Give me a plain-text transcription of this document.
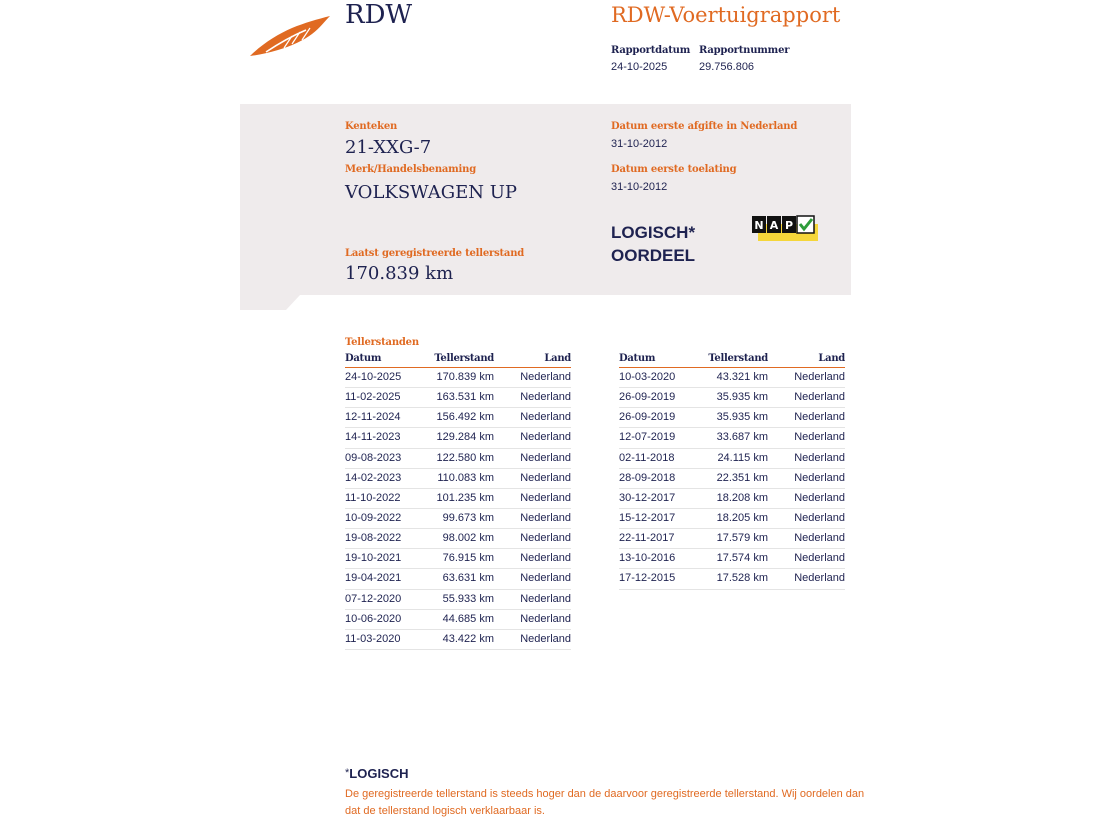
RDW	RDW-Voertuigrapport
Rapportdatum
24-10-2025
Rapportnummer
29.756.806
Kenteken
21-XXG-7
Merk/Handelsbenaming
VOLKSWAGEN UP
Laatst geregistreerde tellerstand
170.839 km
Datum eerste afgifte in Nederland
31-10-2012
Datum eerste toelating
31-10-2012
LOGISCH*
OORDEEL
N A P
Tellerstanden
Datum	Tellerstand	Land
24-10-2025	170.839 km Nederland
11-02-2025	163.531 km Nederland
12-11-2024	156.492 km Nederland
14-11-2023	129.284 km Nederland
09-08-2023	122.580 km Nederland
14-02-2023	110.083 km Nederland
11-10-2022	101.235 km Nederland
10-09-2022	99.673 km Nederland
19-08-2022	98.002 km Nederland
19-10-2021	76.915 km Nederland
19-04-2021	63.631 km Nederland
07-12-2020	55.933 km Nederland
10-06-2020	44.685 km Nederland
11-03-2020	43.422 km Nederland
Datum	Tellerstand	Land
10-03-2020	43.321 km Nederland
26-09-2019	35.935 km Nederland
26-09-2019	35.935 km Nederland
12-07-2019	33.687 km Nederland
02-11-2018	24.115 km Nederland
28-09-2018	22.351 km Nederland
30-12-2017	18.208 km Nederland
15-12-2017	18.205 km Nederland
22-11-2017	17.579 km Nederland
13-10-2016	17.574 km Nederland
17-12-2015	17.528 km Nederland
*LOGISCH
De geregistreerde tellerstand is steeds hoger dan de daarvoor geregistreerde tellerstand. Wij oordelen dan dat de tellerstand logisch verklaarbaar is.
